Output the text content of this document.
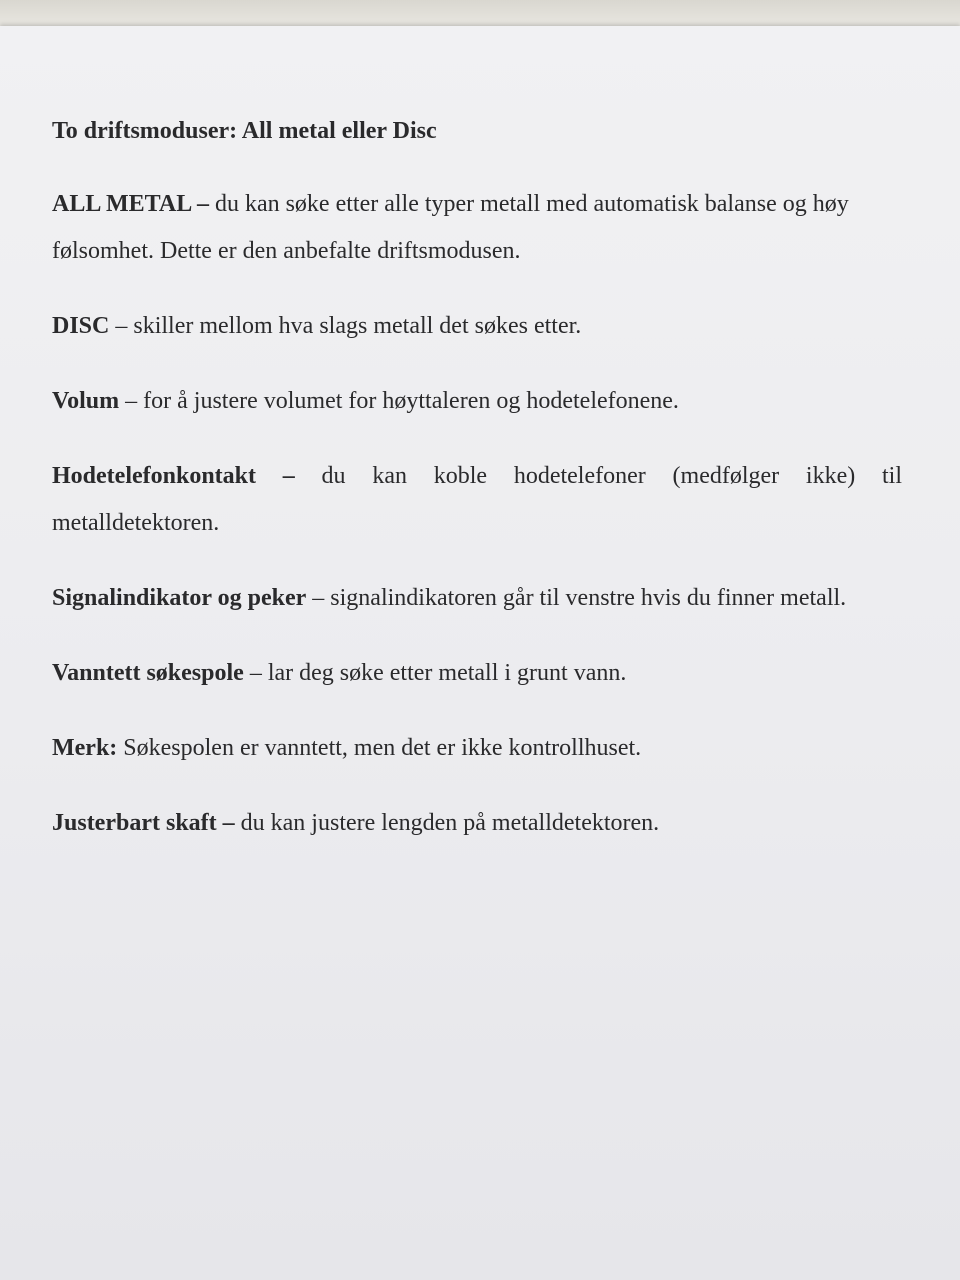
To driftsmoduser: All metal eller Disc

ALL METAL – du kan søke etter alle typer metall med automatisk balanse og høy følsomhet. Dette er den anbefalte driftsmodusen.

DISC – skiller mellom hva slags metall det søkes etter.

Volum – for å justere volumet for høyttaleren og hodetelefonene.

Hodetelefonkontakt – du kan koble hodetelefoner (medfølger ikke) til metalldetektoren.

Signalindikator og peker – signalindikatoren går til venstre hvis du finner metall.

Vanntett søkespole – lar deg søke etter metall i grunt vann.

Merk: Søkespolen er vanntett, men det er ikke kontrollhuset.

Justerbart skaft – du kan justere lengden på metalldetektoren.
